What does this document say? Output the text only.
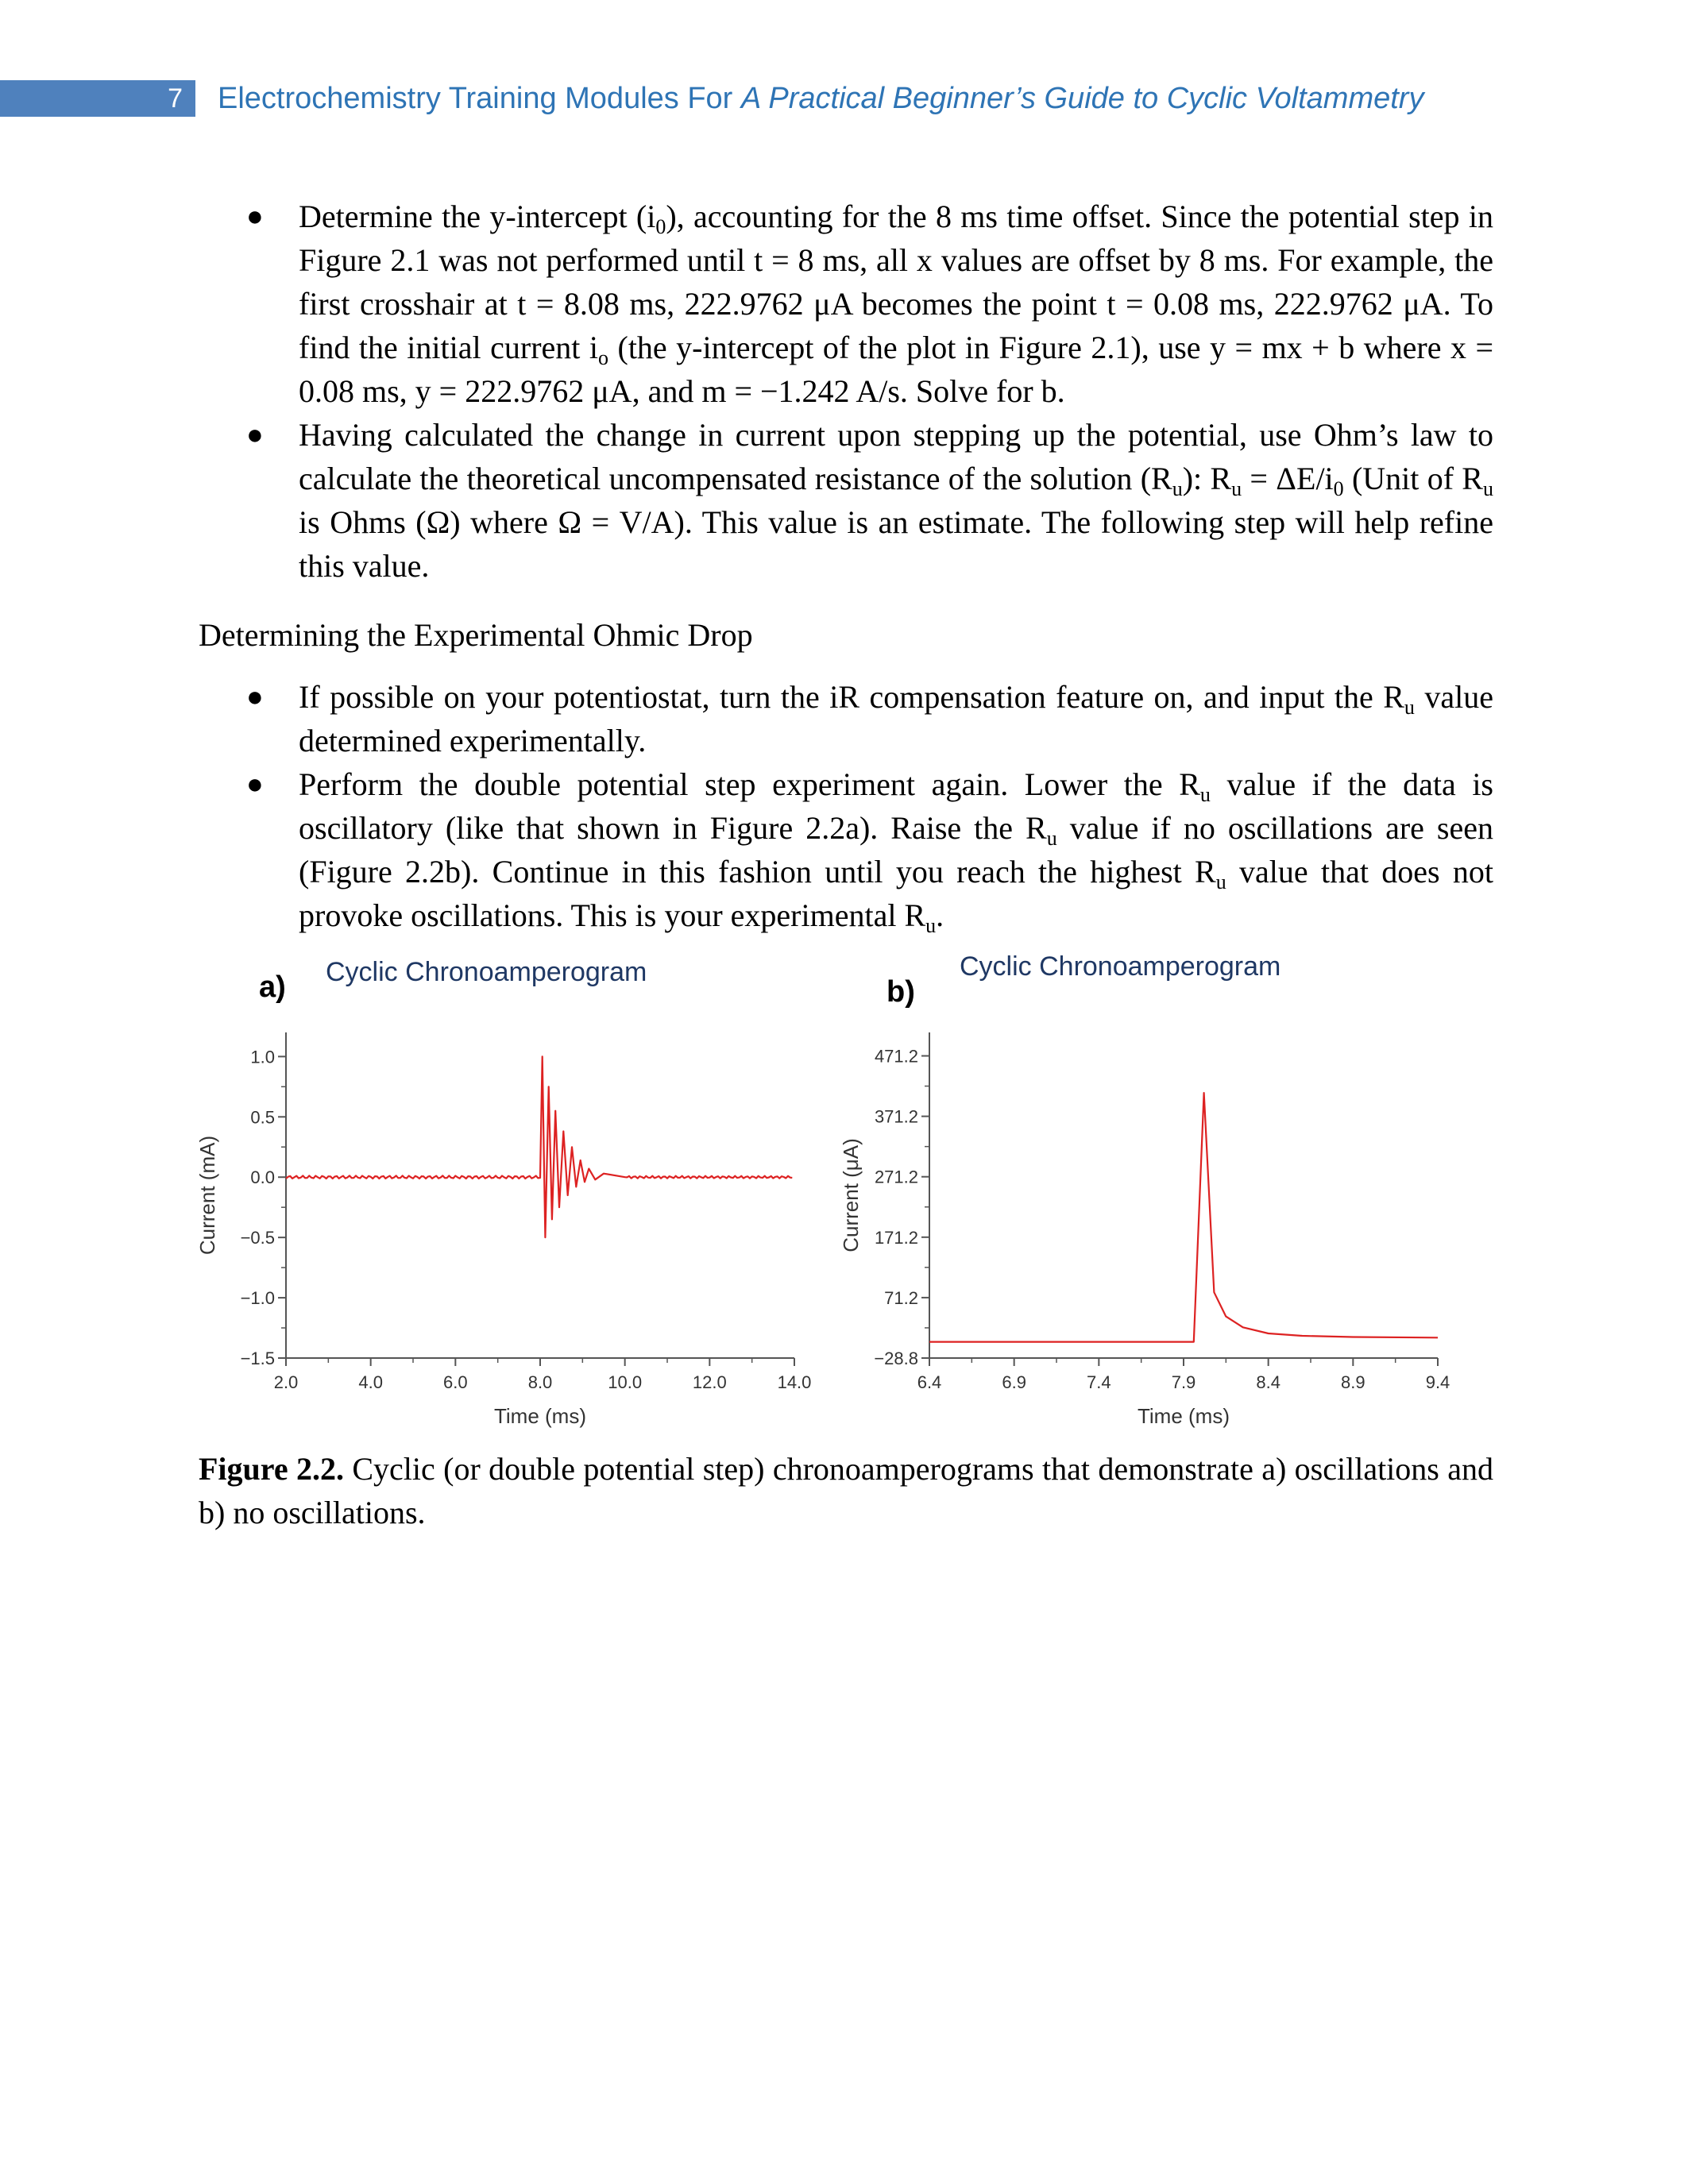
7 Electrochemistry Training Modules For A Practical Beginner’s Guide to Cyclic Voltammetry
● Determine the y-intercept $(i_0)$, accounting for the 8 ms time offset. Since the potential step in Figure 2.1 was not performed until t = 8 ms, all x values are offset by 8 ms. For example, the first crosshair at t = 8.08 ms, 222.9762 μA becomes the point t = 0.08 ms, 222.9762 μA. To find the initial current $i_o$ (the y-intercept of the plot in Figure 2.1), use y = mx + b where x = 0.08 ms, y = 222.9762 μA, and m = −1.242 A/s. Solve for b.
● Having calculated the change in current upon stepping up the potential, use Ohm’s law to calculate the theoretical uncompensated resistance of the solution $(R_u)$: $R_u = \Delta E/i_0$ (Unit of $R_u$ is Ohms (Ω) where Ω = V/A). This value is an estimate. The following step will help refine this value.
Determining the Experimental Ohmic Drop
● If possible on your potentiostat, turn the iR compensation feature on, and input the $R_u$ value determined experimentally.
● Perform the double potential step experiment again. Lower the $R_u$ value if the data is oscillatory (like that shown in Figure 2.2a). Raise the $R_u$ value if no oscillations are seen (Figure 2.2b). Continue in this fashion until you reach the highest $R_u$ value that does not provoke oscillations. This is your experimental $R_u$.
a)	b)
Cyclic Chronoamperogram
1.0
0.5
0.0
−0.5
−1.0
−1.5
2.0	4.0	6.0	8.0	10.0	12.0	14.0
Time (ms)
Current (mA)
Cyclic Chronoamperogram
471.2
371.2
271.2
171.2
71.2
−28.8
6.4	6.9	7.4	7.9	8.4	8.9	9.4
Time (ms)
Current (μA)
Figure 2.2. Cyclic (or double potential step) chronoamperograms that demonstrate a) oscillations and b) no oscillations.
